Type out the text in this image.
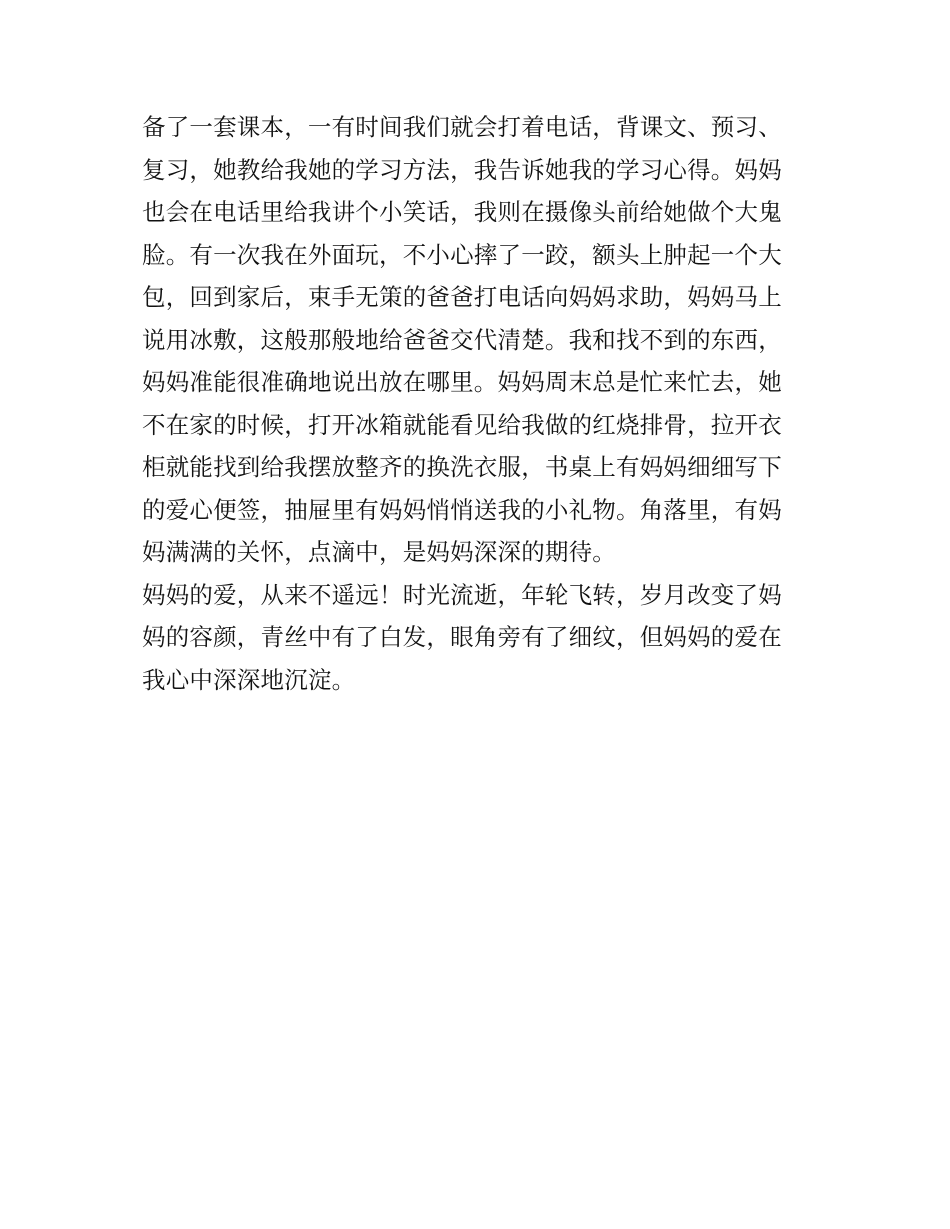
备了一套课本，一有时间我们就会打着电话，背课文、预习、
复习，她教给我她的学习方法，我告诉她我的学习心得。妈妈
也会在电话里给我讲个小笑话，我则在摄像头前给她做个大鬼
脸。有一次我在外面玩，不小心摔了一跤，额头上肿起一个大
包，回到家后，束手无策的爸爸打电话向妈妈求助，妈妈马上
说用冰敷，这般那般地给爸爸交代清楚。我和找不到的东西，
妈妈准能很准确地说出放在哪里。妈妈周末总是忙来忙去，她
不在家的时候，打开冰箱就能看见给我做的红烧排骨，拉开衣
柜就能找到给我摆放整齐的换洗衣服，书桌上有妈妈细细写下
的爱心便签，抽屉里有妈妈悄悄送我的小礼物。角落里，有妈
妈满满的关怀，点滴中，是妈妈深深的期待。
妈妈的爱，从来不遥远！时光流逝，年轮飞转，岁月改变了妈
妈的容颜，青丝中有了白发，眼角旁有了细纹，但妈妈的爱在
我心中深深地沉淀。
